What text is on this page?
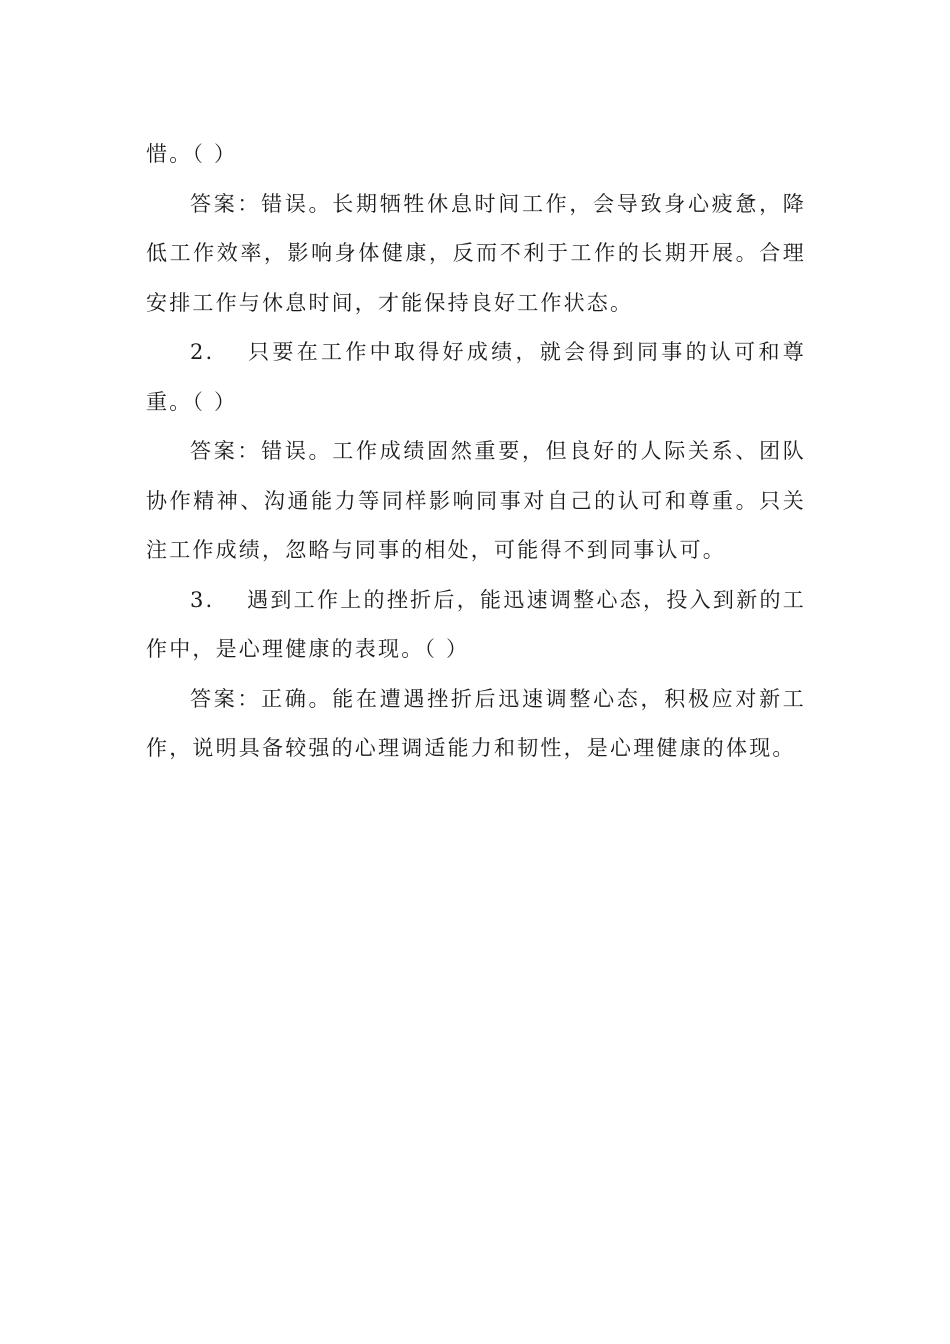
惜。（ ）

答案：错误。长期牺牲休息时间工作，会导致身心疲惫，降低工作效率，影响身体健康，反而不利于工作的长期开展。合理安排工作与休息时间，才能保持良好工作状态。

2. 只要在工作中取得好成绩，就会得到同事的认可和尊重。（ ）

答案：错误。工作成绩固然重要，但良好的人际关系、团队协作精神、沟通能力等同样影响同事对自己的认可和尊重。只关注工作成绩，忽略与同事的相处，可能得不到同事认可。

3. 遇到工作上的挫折后，能迅速调整心态，投入到新的工作中，是心理健康的表现。（ ）

答案：正确。能在遭遇挫折后迅速调整心态，积极应对新工作，说明具备较强的心理调适能力和韧性，是心理健康的体现。
